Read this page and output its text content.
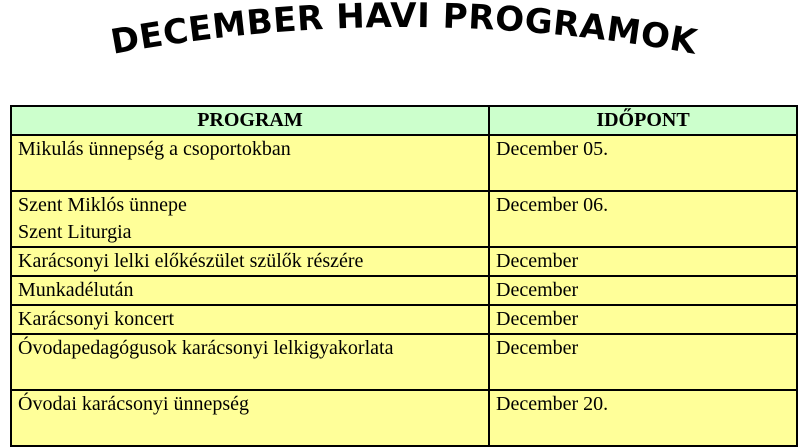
DECEMBER HAVI PROGRAMOK
PROGRAM	IDŐPONT

Mikulás ünnepség a csoportokban	December 05.

Szent Miklós ünnepe
Szent Liturgia	December 06.

Karácsonyi lelki előkészület szülők részére	December

Munkadélután	December

Karácsonyi koncert	December

Óvodapedagógusok karácsonyi lelkigyakorlata	December

Óvodai karácsonyi ünnepség	December 20.
